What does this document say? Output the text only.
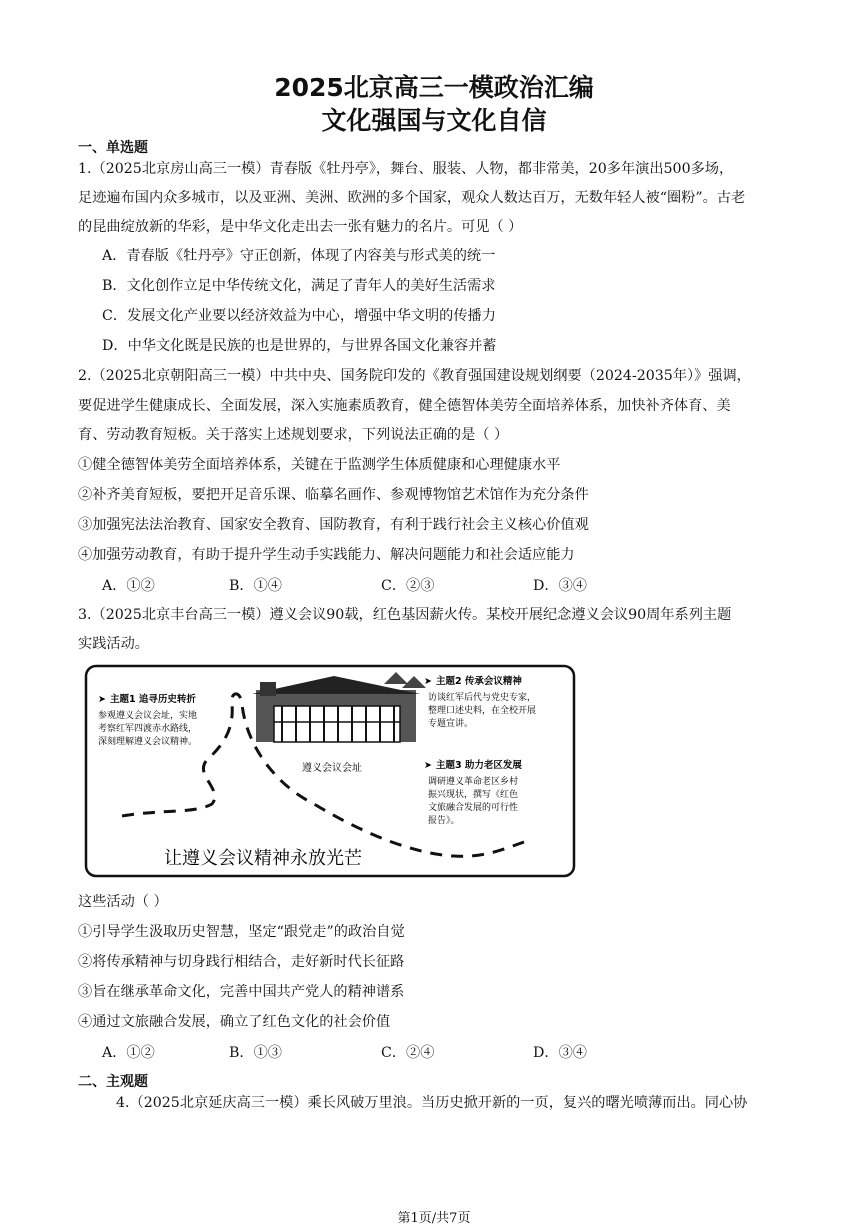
2025北京高三一模政治汇编
文化强国与文化自信
一、单选题
1.（2025北京房山高三一模）青春版《牡丹亭》，舞台、服装、人物，都非常美，20多年演出500多场，
足迹遍布国内众多城市，以及亚洲、美洲、欧洲的多个国家，观众人数达百万，无数年轻人被“圈粉”。古老
的昆曲绽放新的华彩，是中华文化走出去一张有魅力的名片。可见（ ）
A．青春版《牡丹亭》守正创新，体现了内容美与形式美的统一
B．文化创作立足中华传统文化，满足了青年人的美好生活需求
C．发展文化产业要以经济效益为中心，增强中华文明的传播力
D．中华文化既是民族的也是世界的，与世界各国文化兼容并蓄
2.（2025北京朝阳高三一模）中共中央、国务院印发的《教育强国建设规划纲要（2024-2035年）》强调，
要促进学生健康成长、全面发展，深入实施素质教育，健全德智体美劳全面培养体系，加快补齐体育、美
育、劳动教育短板。关于落实上述规划要求，下列说法正确的是（ ）
①健全德智体美劳全面培养体系，关键在于监测学生体质健康和心理健康水平
②补齐美育短板，要把开足音乐课、临摹名画作、参观博物馆艺术馆作为充分条件
③加强宪法法治教育、国家安全教育、国防教育，有利于践行社会主义核心价值观
④加强劳动教育，有助于提升学生动手实践能力、解决问题能力和社会适应能力
A．①②	B．①④	C．②③	D．③④
3.（2025北京丰台高三一模）遵义会议90载，红色基因薪火传。某校开展纪念遵义会议90周年系列主题
实践活动。
遵义会议会址
➤ 主题1 追寻历史转折
参观遵义会议会址，实地
考察红军四渡赤水路线，
深刻理解遵义会议精神。
➤ 主题2 传承会议精神
访谈红军后代与党史专家，
整理口述史料，在全校开展
专题宣讲。
➤ 主题3 助力老区发展
调研遵义革命老区乡村
振兴现状，撰写《红色
文旅融合发展的可行性
报告》。
让遵义会议精神永放光芒
这些活动（ ）
①引导学生汲取历史智慧，坚定“跟党走”的政治自觉
②将传承精神与切身践行相结合，走好新时代长征路
③旨在继承革命文化，完善中国共产党人的精神谱系
④通过文旅融合发展，确立了红色文化的社会价值
A．①②	B．①③	C．②④	D．③④
二、主观题
4.（2025北京延庆高三一模）乘长风破万里浪。当历史掀开新的一页，复兴的曙光喷薄而出。同心协
第1页/共7页
